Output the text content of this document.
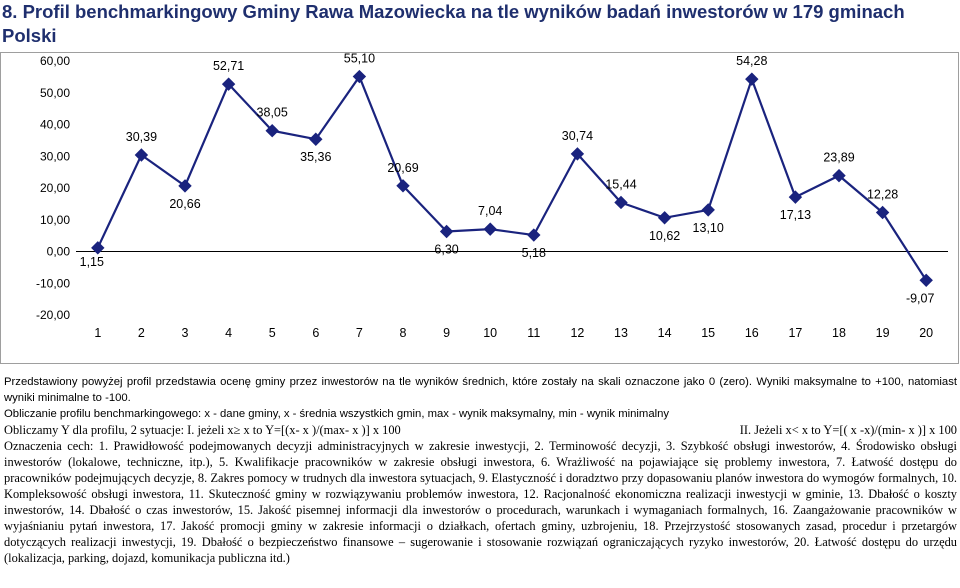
8. Profil benchmarkingowy Gminy Rawa Mazowiecka na tle wyników badań inwestorów w 179 gminach Polski
60,00
50,00
40,00
30,00
20,00
10,00
0,00
-10,00
-20,00
1	2	3	4	5	6	7	8	9	10 11 12 13 14 15 16 17 18 19 20
1,15
30,39
20,66
52,71
38,05
35,36
55,10
20,69
6,30
7,04
5,18
30,74
15,44
10,62
13,10
54,28
17,13
23,89
12,28
-9,07

Przedstawiony powyżej profil przedstawia ocenę gminy przez inwestorów na tle wyników średnich, które zostały na skali oznaczone jako 0 (zero). Wyniki maksymalne to +100, natomiast wyniki minimalne to -100.

Obliczanie profilu benchmarkingowego: x - dane gminy, x - średnia wszystkich gmin, max - wynik maksymalny, min - wynik minimalny

Obliczamy Y dla profilu, 2 sytuacje: I. jeżeli x≥ x to Y=[(x- x )/(max- x )] x 100	II. Jeżeli x< x to Y=[( x -x)/(min- x )] x 100

Oznaczenia cech: 1. Prawidłowość podejmowanych decyzji administracyjnych w zakresie inwestycji, 2. Terminowość decyzji, 3. Szybkość obsługi inwestorów, 4. Środowisko obsługi inwestorów (lokalowe, techniczne, itp.), 5. Kwalifikacje pracowników w zakresie obsługi inwestora, 6. Wrażliwość na pojawiające się problemy inwestora, 7. Łatwość dostępu do pracowników podejmujących decyzje, 8. Zakres pomocy w trudnych dla inwestora sytuacjach, 9. Elastyczność i doradztwo przy dopasowaniu planów inwestora do wymogów formalnych, 10. Kompleksowość obsługi inwestora, 11. Skuteczność gminy w rozwiązywaniu problemów inwestora, 12. Racjonalność ekonomiczna realizacji inwestycji w gminie, 13. Dbałość o koszty inwestorów, 14. Dbałość o czas inwestorów, 15. Jakość pisemnej informacji dla inwestorów o procedurach, warunkach i wymaganiach formalnych, 16. Zaangażowanie pracowników w wyjaśnianiu pytań inwestora, 17. Jakość promocji gminy w zakresie informacji o działkach, ofertach gminy, uzbrojeniu, 18. Przejrzystość stosowanych zasad, procedur i przetargów dotyczących realizacji inwestycji, 19. Dbałość o bezpieczeństwo finansowe – sugerowanie i stosowanie rozwiązań ograniczających ryzyko inwestorów, 20. Łatwość dostępu do urzędu (lokalizacja, parking, dojazd, komunikacja publiczna itd.)
